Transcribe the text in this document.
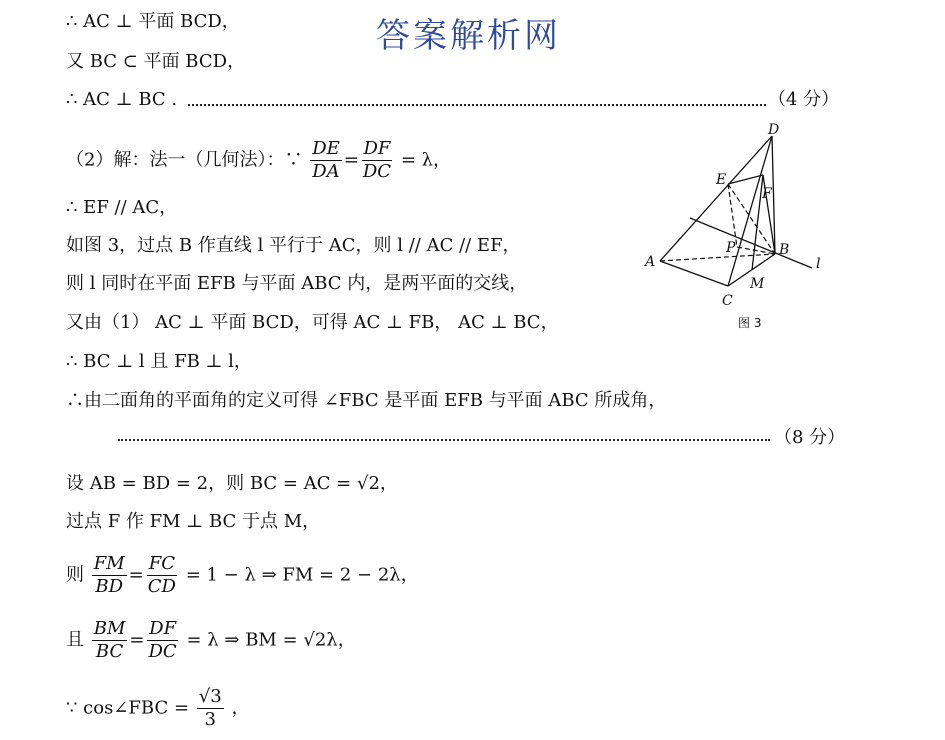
答案解析网
∴ AC ⊥ 平面 BCD，
又 BC ⊂ 平面 BCD，
∴ AC ⊥ BC .	（4 分）
（2）解：法一（几何法）：∵ $\frac{DE}{DA} = \frac{DF}{DC} = \lambda$，
∴ EF // AC，
如图 3，过点 B 作直线 l 平行于 AC，则 l // AC // EF，
则 l 同时在平面 EFB 与平面 ABC 内，是两平面的交线，
又由（1） AC ⊥ 平面 BCD，可得 AC ⊥ FB， AC ⊥ BC，
∴ BC ⊥ l 且 FB ⊥ l，
∴由二面角的平面角的定义可得 ∠FBC 是平面 EFB 与平面 ABC 所成角，
（8 分）
设 AB = BD = 2，则 BC = AC = √2，
过点 F 作 FM ⊥ BC 于点 M，
则 $\frac{FM}{BD} = \frac{FC}{CD} = 1 - \lambda$ ⇒ FM = 2 − 2λ，
且 $\frac{BM}{BC} = \frac{DF}{DC} = \lambda$ ⇒ BM = √2λ，
∵ cos∠FBC = $\frac{√3}{3}$ ，
D
E
F
P	B
A	l
M
C
图 3
